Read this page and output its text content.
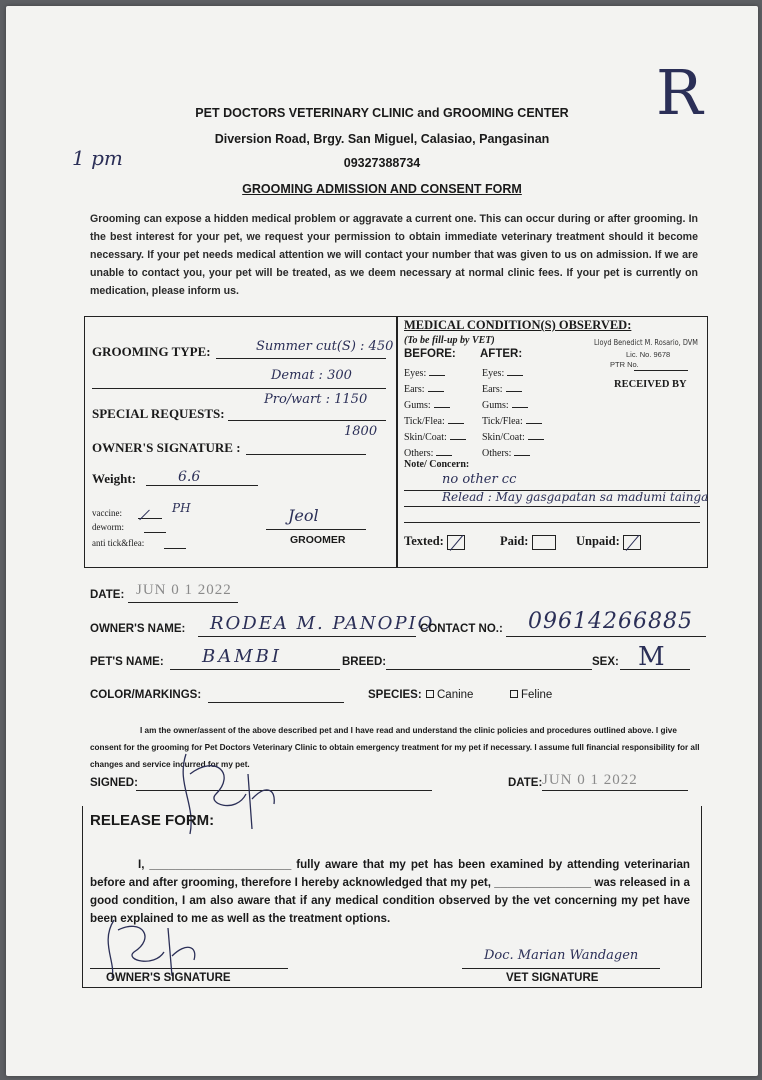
1 pm
R
PET DOCTORS VETERINARY CLINIC and GROOMING CENTER
Diversion Road, Brgy. San Miguel, Calasiao, Pangasinan
09327388734
GROOMING ADMISSION AND CONSENT FORM
Grooming can expose a hidden medical problem or aggravate a current one. This can occur during or after grooming. In the best interest for your pet, we request your permission to obtain immediate veterinary treatment should it become necessary. If your pet needs medical attention we will contact your number that was given to us on admission. If we are unable to contact you, your pet will be treated, as we deem necessary at normal clinic fees. If your pet is currently on medication, please inform us.
GROOMING TYPE:	Summer cut(S) : 450
Demat : 300
Pro/wart : 1150
SPECIAL REQUESTS:
1800
OWNER'S SIGNATURE :
Weight:	6.6
vaccine:	PH
deworm:
anti tick&flea:
Jeol
GROOMER
MEDICAL CONDITION(S) OBSERVED:
(To be fill-up by VET)
BEFORE: AFTER:
Eyes:	Eyes:
Ears:	Ears:
Gums:	Gums:
Tick/Flea:	Tick/Flea:
Skin/Coat:	Skin/Coat:
Others:	Others:
Lloyd Benedict M. Rosario, DVM
Lic. No. 9678
PTR No.
RECEIVED BY
Note/ Concern:
no other cc
Relead : May gasgapatan sa madumi tainga
Texted:	Paid:	Unpaid:
DATE: JUN 0 1 2022
OWNER'S NAME: RODEA M. PANOPIO
CONTACT NO.: 09614266885
PET'S NAME: BAMBI	BREED:	SEX: M
COLOR/MARKINGS:	SPECIES:	Canine	Feline
I am the owner/assent of the above described pet and I have read and understand the clinic policies and procedures outlined above. I give consent for the grooming for Pet Doctors Veterinary Clinic to obtain emergency treatment for my pet if necessary. I assume full financial responsibility for all changes and service incurred for my pet.
SIGNED:	DATE: JUN 0 1 2022
RELEASE FORM:
I, ______________________ fully aware that my pet has been examined by attending veterinarian before and after grooming, therefore I hereby acknowledged that my pet, _______________ was released in a good condition, I am also aware that if any medical condition observed by the vet concerning my pet have been explained to me as well as the treatment options.
OWNER'S SIGNATURE
Doc. Marian Wandagen
VET SIGNATURE
